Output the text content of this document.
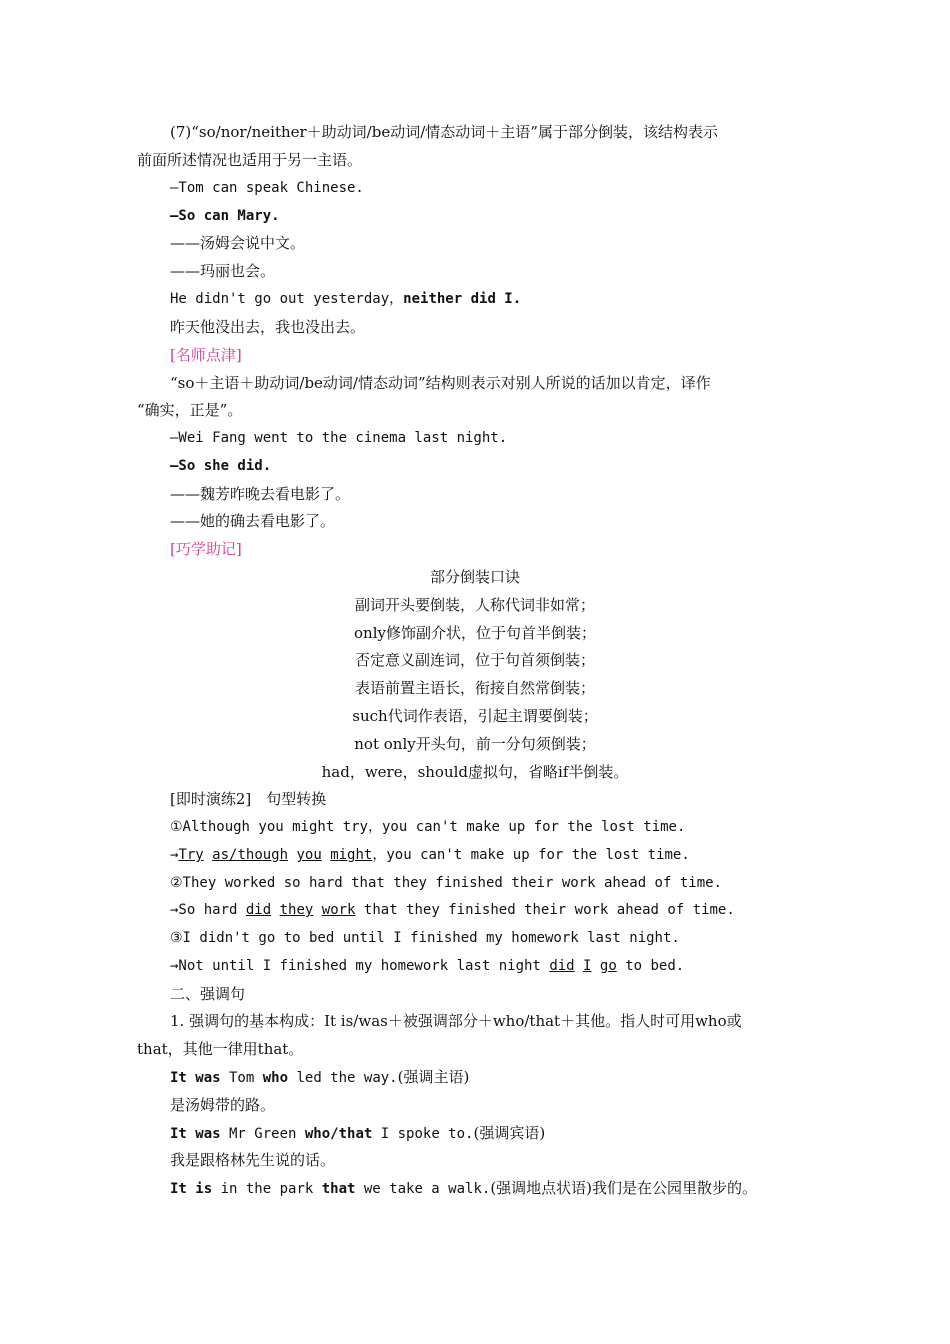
(7)“so/nor/neither＋助动词/be动词/情态动词＋主语”属于部分倒装，该结构表示
前面所述情况也适用于另一主语。
—Tom can speak Chinese.
—So can Mary.
——汤姆会说中文。
——玛丽也会。
He didn't go out yesterday，neither did I.
昨天他没出去，我也没出去。
[名师点津]
“so＋主语＋助动词/be动词/情态动词”结构则表示对别人所说的话加以肯定，译作
“确实，正是”。
—Wei Fang went to the cinema last night.
—So she did.
——魏芳昨晚去看电影了。
——她的确去看电影了。
[巧学助记]
部分倒装口诀
副词开头要倒装，人称代词非如常；
only修饰副介状，位于句首半倒装；
否定意义副连词，位于句首须倒装；
表语前置主语长，衔接自然常倒装；
such代词作表语，引起主谓要倒装；
not only开头句，前一分句须倒装；
had，were，should虚拟句，省略if半倒装。
[即时演练2]　句型转换
①Although you might try，you can't make up for the lost time.
→Try as/though you might，you can't make up for the lost time.
②They worked so hard that they finished their work ahead of time.
→So hard did they work that they finished their work ahead of time.
③I didn't go to bed until I finished my homework last night.
→Not until I finished my homework last night did I go to bed.
二、强调句
1. 强调句的基本构成：It is/was＋被强调部分＋who/that＋其他。指人时可用who或
that，其他一律用that。
It was Tom who led the way.(强调主语)
是汤姆带的路。
It was Mr Green who/that I spoke to.(强调宾语)
我是跟格林先生说的话。
It is in the park that we take a walk.(强调地点状语)我们是在公园里散步的。
